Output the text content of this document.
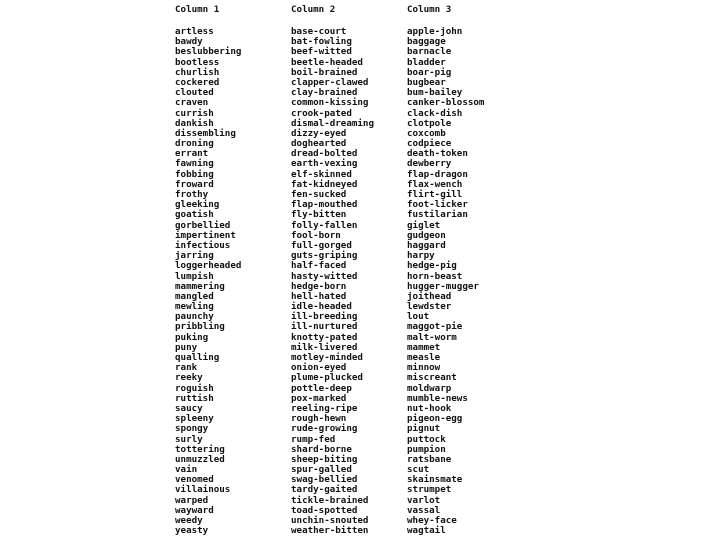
Column 1
artless
bawdy
beslubbering
bootless
churlish
cockered
clouted
craven
currish
dankish
dissembling
droning
errant
fawning
fobbing
froward
frothy
gleeking
goatish
gorbellied
impertinent
infectious
jarring
loggerheaded
lumpish
mammering
mangled
mewling
paunchy
pribbling
puking
puny
qualling
rank
reeky
roguish
ruttish
saucy
spleeny
spongy
surly
tottering
unmuzzled
vain
venomed
villainous
warped
wayward
weedy
yeasty
Column 2
base-court
bat-fowling
beef-witted
beetle-headed
boil-brained
clapper-clawed
clay-brained
common-kissing
crook-pated
dismal-dreaming
dizzy-eyed
doghearted
dread-bolted
earth-vexing
elf-skinned
fat-kidneyed
fen-sucked
flap-mouthed
fly-bitten
folly-fallen
fool-born
full-gorged
guts-griping
half-faced
hasty-witted
hedge-born
hell-hated
idle-headed
ill-breeding
ill-nurtured
knotty-pated
milk-livered
motley-minded
onion-eyed
plume-plucked
pottle-deep
pox-marked
reeling-ripe
rough-hewn
rude-growing
rump-fed
shard-borne
sheep-biting
spur-galled
swag-bellied
tardy-gaited
tickle-brained
toad-spotted
unchin-snouted
weather-bitten
Column 3
apple-john
baggage
barnacle
bladder
boar-pig
bugbear
bum-bailey
canker-blossom
clack-dish
clotpole
coxcomb
codpiece
death-token
dewberry
flap-dragon
flax-wench
flirt-gill
foot-licker
fustilarian
giglet
gudgeon
haggard
harpy
hedge-pig
horn-beast
hugger-mugger
joithead
lewdster
lout
maggot-pie
malt-worm
mammet
measle
minnow
miscreant
moldwarp
mumble-news
nut-hook
pigeon-egg
pignut
puttock
pumpion
ratsbane
scut
skainsmate
strumpet
varlot
vassal
whey-face
wagtail
